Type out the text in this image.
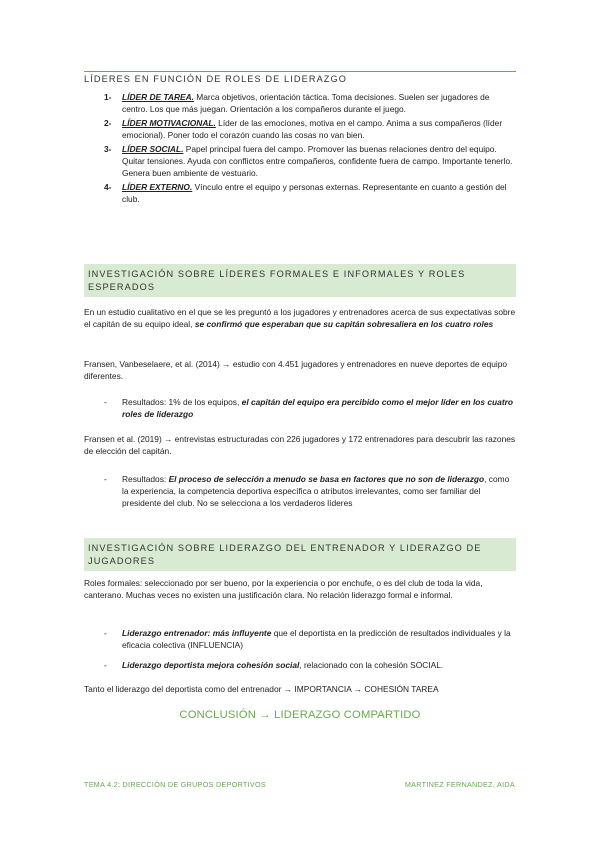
LÍDERES EN FUNCIÓN DE ROLES DE LIDERAZGO
1- LÍDER DE TAREA. Marca objetivos, orientación táctica. Toma decisiones. Suelen ser jugadores de centro. Los que más juegan. Orientación a los compañeros durante el juego.
2- LÍDER MOTIVACIONAL. Líder de las emociones, motiva en el campo. Anima a sus compañeros (líder emocional). Poner todo el corazón cuando las cosas no van bien.
3- LÍDER SOCIAL. Papel principal fuera del campo. Promover las buenas relaciones dentro del equipo. Quitar tensiones. Ayuda con conflictos entre compañeros, confidente fuera de campo. Importante tenerlo. Genera buen ambiente de vestuario.
4- LÍDER EXTERNO. Vínculo entre el equipo y personas externas. Representante en cuanto a gestión del club.
INVESTIGACIÓN SOBRE LÍDERES FORMALES E INFORMALES Y ROLES ESPERADOS
En un estudio cualitativo en el que se les preguntó a los jugadores y entrenadores acerca de sus expectativas sobre el capitán de su equipo ideal, se confirmó que esperaban que su capitán sobresaliera en los cuatro roles
Fransen, Vanbeselaere, et al. (2014) → estudio con 4.451 jugadores y entrenadores en nueve deportes de equipo diferentes.
- Resultados: 1% de los equipos, el capitán del equipo era percibido como el mejor líder en los cuatro roles de liderazgo
Fransen et al. (2019) → entrevistas estructuradas con 226 jugadores y 172 entrenadores para descubrir las razones de elección del capitán.
- Resultados: El proceso de selección a menudo se basa en factores que no son de liderazgo, como la experiencia, la competencia deportiva específica o atributos irrelevantes, como ser familiar del presidente del club. No se selecciona a los verdaderos líderes
INVESTIGACIÓN SOBRE LIDERAZGO DEL ENTRENADOR Y LIDERAZGO DE JUGADORES
Roles formales: seleccionado por ser bueno, por la experiencia o por enchufe, o es del club de toda la vida, canterano. Muchas veces no existen una justificación clara. No relación liderazgo formal e informal.
- Liderazgo entrenador: más influyente que el deportista en la predicción de resultados individuales y la eficacia colectiva (INFLUENCIA)
- Liderazgo deportista mejora cohesión social, relacionado con la cohesión SOCIAL.
Tanto el liderazgo del deportista como del entrenador → IMPORTANCIA → COHESIÓN TAREA
CONCLUSIÓN → LIDERAZGO COMPARTIDO
TEMA 4.2; DIRECCIÓN DE GRUPOS DEPORTIVOS	MARTINEZ FERNANDEZ, AIDA
